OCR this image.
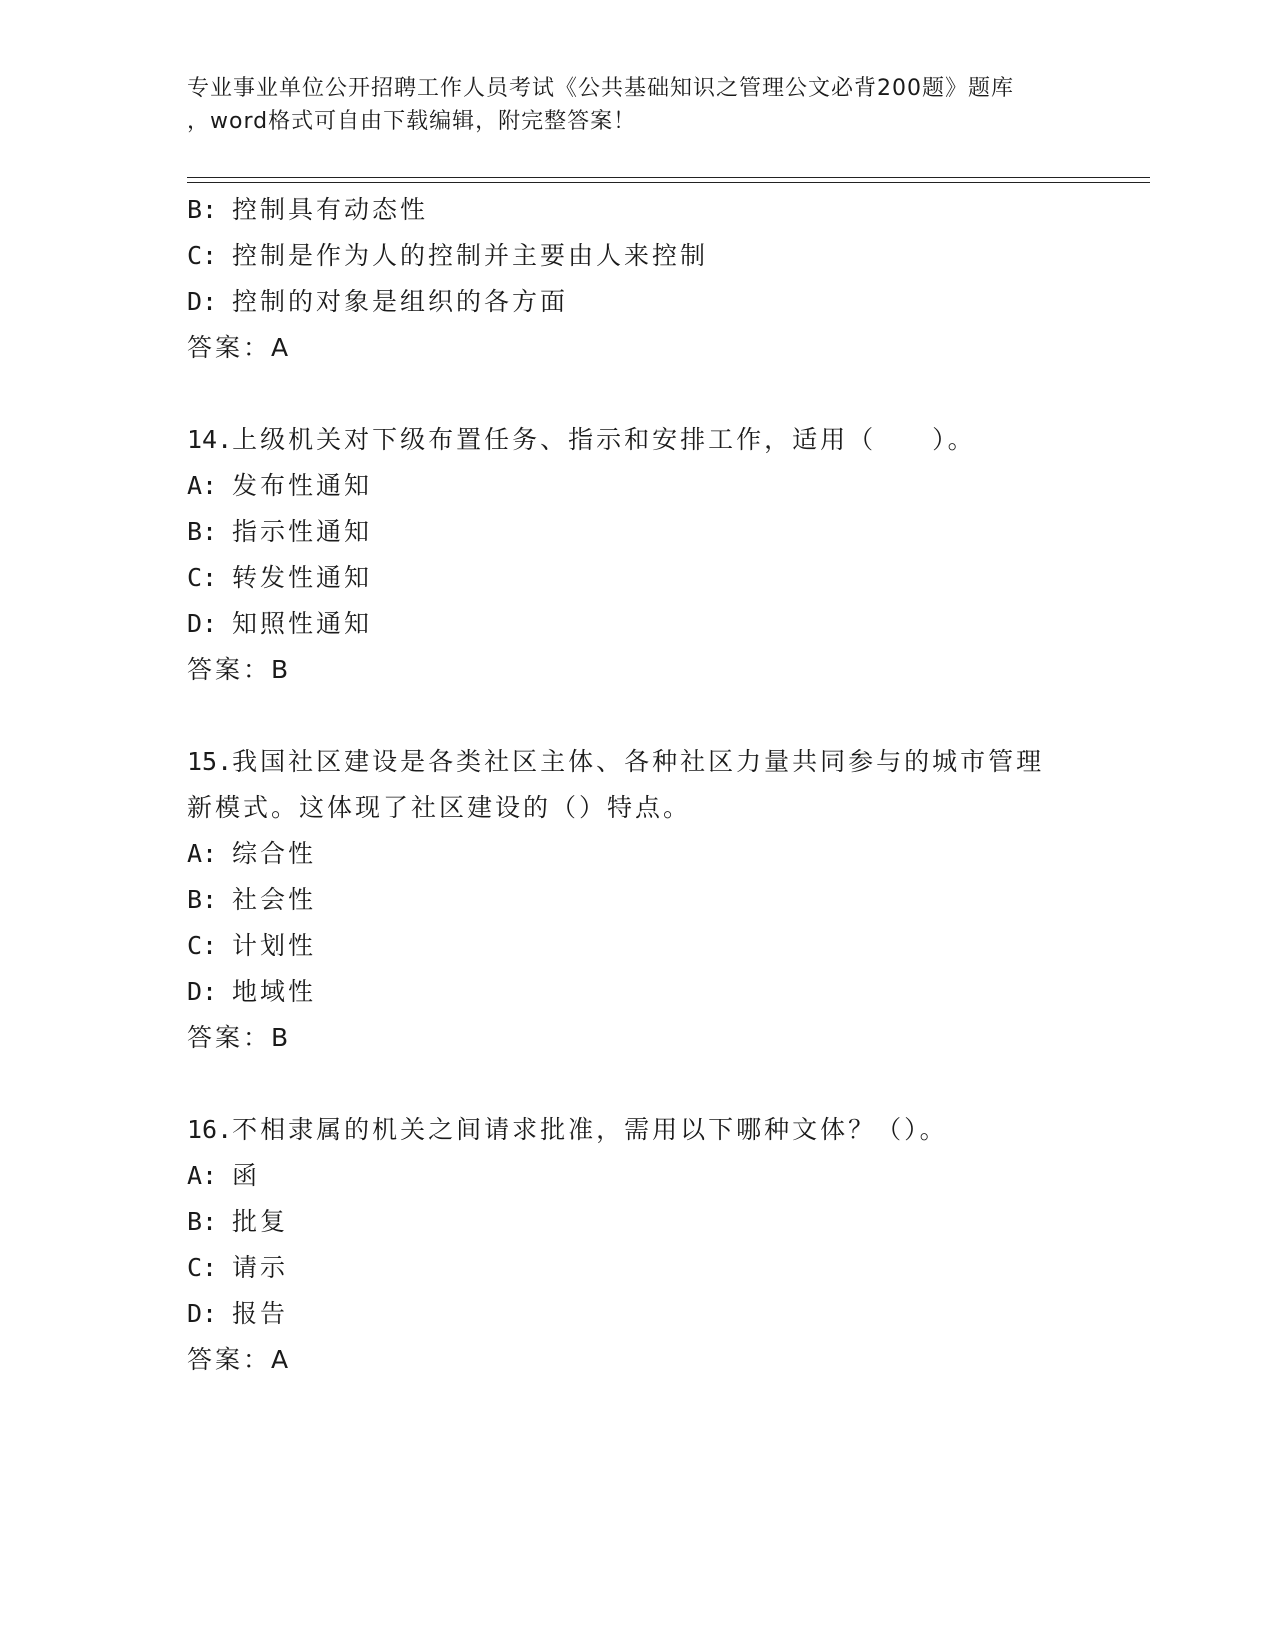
专业事业单位公开招聘工作人员考试《公共基础知识之管理公文必背200题》题库
，word格式可自由下载编辑，附完整答案！
B: 控制具有动态性
C: 控制是作为人的控制并主要由人来控制
D: 控制的对象是组织的各方面
答案：A
14.上级机关对下级布置任务、指示和安排工作，适用（　　）。
A: 发布性通知
B: 指示性通知
C: 转发性通知
D: 知照性通知
答案：B
15.我国社区建设是各类社区主体、各种社区力量共同参与的城市管理
新模式。这体现了社区建设的（）特点。
A: 综合性
B: 社会性
C: 计划性
D: 地域性
答案：B
16.不相隶属的机关之间请求批准，需用以下哪种文体？（）。
A: 函
B: 批复
C: 请示
D: 报告
答案：A
